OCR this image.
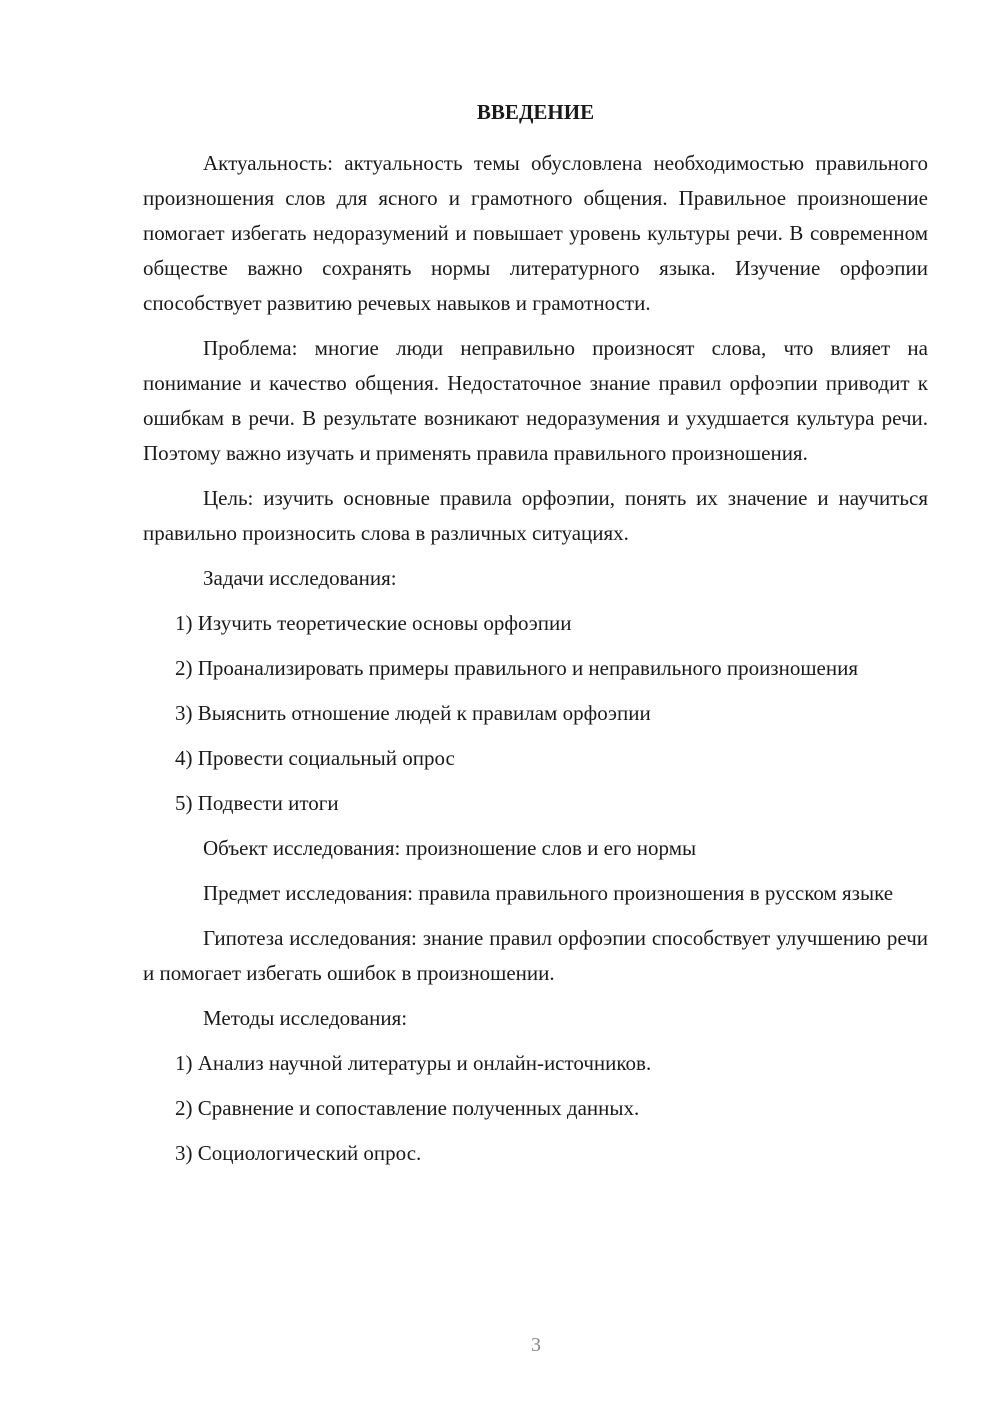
ВВЕДЕНИЕ

Актуальность: актуальность темы обусловлена необходимостью правильного произношения слов для ясного и грамотного общения. Правильное произношение помогает избегать недоразумений и повышает уровень культуры речи. В современном обществе важно сохранять нормы литературного языка. Изучение орфоэпии способствует развитию речевых навыков и грамотности.

Проблема: многие люди неправильно произносят слова, что влияет на понимание и качество общения. Недостаточное знание правил орфоэпии приводит к ошибкам в речи. В результате возникают недоразумения и ухудшается культура речи. Поэтому важно изучать и применять правила правильного произношения.

Цель: изучить основные правила орфоэпии, понять их значение и научиться правильно произносить слова в различных ситуациях.

Задачи исследования:

1) Изучить теоретические основы орфоэпии

2) Проанализировать примеры правильного и неправильного произношения

3) Выяснить отношение людей к правилам орфоэпии

4) Провести социальный опрос

5) Подвести итоги

Объект исследования: произношение слов и его нормы

Предмет исследования: правила правильного произношения в русском языке

Гипотеза исследования: знание правил орфоэпии способствует улучшению речи и помогает избегать ошибок в произношении.

Методы исследования:

1) Анализ научной литературы и онлайн-источников.

2) Сравнение и сопоставление полученных данных.

3) Социологический опрос.

3
